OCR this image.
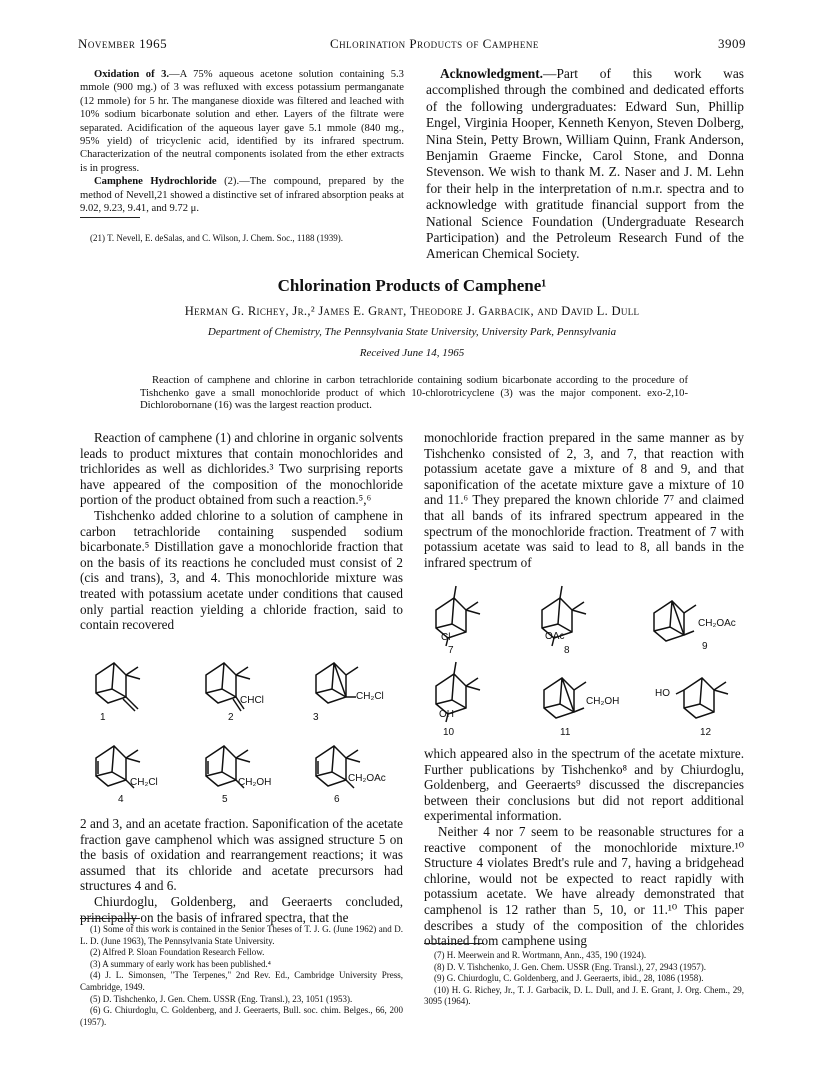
November 1965	Chlorination Products of Camphene	3909

Oxidation of 3.—A 75% aqueous acetone solution containing 5.3 mmole (900 mg.) of 3 was refluxed with excess potassium permanganate (12 mmole) for 5 hr. The manganese dioxide was filtered and leached with 10% sodium bicarbonate solution and ether. Layers of the filtrate were separated. Acidification of the aqueous layer gave 5.1 mmole (840 mg., 95% yield) of tricyclenic acid, identified by its infrared spectrum. Characterization of the neutral components isolated from the ether extracts is in progress.

Camphene Hydrochloride (2).—The compound, prepared by the method of Nevell,21 showed a distinctive set of infrared absorption peaks at 9.02, 9.23, 9.41, and 9.72 μ.

(21) T. Nevell, E. deSalas, and C. Wilson, J. Chem. Soc., 1188 (1939).

Acknowledgment.—Part of this work was accomplished through the combined and dedicated efforts of the following undergraduates: Edward Sun, Phillip Engel, Virginia Hooper, Kenneth Kenyon, Steven Dolberg, Nina Stein, Petty Brown, William Quinn, Frank Anderson, Benjamin Graeme Fincke, Carol Stone, and Donna Stevenson. We wish to thank M. Z. Naser and J. M. Lehn for their help in the interpretation of n.m.r. spectra and to acknowledge with gratitude financial support from the National Science Foundation (Undergraduate Research Participation) and the Petroleum Research Fund of the American Chemical Society.

Chlorination Products of Camphene¹
Herman G. Richey, Jr.,² James E. Grant, Theodore J. Garbacik, and David L. Dull
Department of Chemistry, The Pennsylvania State University, University Park, Pennsylvania
Received June 14, 1965
Reaction of camphene and chlorine in carbon tetrachloride containing sodium bicarbonate according to the procedure of Tishchenko gave a small monochloride product of which 10-chlorotricyclene (3) was the major component. exo-2,10-Dichlorobornane (16) was the largest reaction product.

Reaction of camphene (1) and chlorine in organic solvents leads to product mixtures that contain monochlorides and trichlorides as well as dichlorides.³ Two surprising reports have appeared of the composition of the monochloride portion of the product obtained from such a reaction.⁵,⁶

Tishchenko added chlorine to a solution of camphene in carbon tetrachloride containing suspended sodium bicarbonate.⁵ Distillation gave a monochloride fraction that on the basis of its reactions he concluded must consist of 2 (cis and trans), 3, and 4. This monochloride mixture was treated with potassium acetate under conditions that caused only partial reaction yielding a chloride fraction, said to contain recovered

2 and 3, and an acetate fraction. Saponification of the acetate fraction gave camphenol which was assigned structure 5 on the basis of oxidation and rearrangement reactions; it was assumed that its chloride and acetate precursors had structures 4 and 6.

Chiurdoglu, Goldenberg, and Geeraerts concluded, principally on the basis of infrared spectra, that the

(1) Some of this work is contained in the Senior Theses of T. J. G. (June 1962) and D. L. D. (June 1963), The Pennsylvania State University.

(2) Alfred P. Sloan Foundation Research Fellow.

(3) A summary of early work has been published.⁴

(4) J. L. Simonsen, "The Terpenes," 2nd Rev. Ed., Cambridge University Press, Cambridge, 1949.

(5) D. Tishchenko, J. Gen. Chem. USSR (Eng. Transl.), 23, 1051 (1953).

(6) G. Chiurdoglu, C. Goldenberg, and J. Geeraerts, Bull. soc. chim. Belges., 66, 200 (1957).

monochloride fraction prepared in the same manner as by Tishchenko consisted of 2, 3, and 7, that reaction with potassium acetate gave a mixture of 8 and 9, and that saponification of the acetate mixture gave a mixture of 10 and 11.⁶ They prepared the known chloride 7⁷ and claimed that all bands of its infrared spectrum appeared in the spectrum of the monochloride fraction. Treatment of 7 with potassium acetate was said to lead to 8, all bands in the infrared spectrum of

which appeared also in the spectrum of the acetate mixture. Further publications by Tishchenko⁸ and by Chiurdoglu, Goldenberg, and Geeraerts⁹ discussed the discrepancies between their conclusions but did not report additional experimental information.

Neither 4 nor 7 seem to be reasonable structures for a reactive component of the monochloride mixture.¹⁰ Structure 4 violates Bredt's rule and 7, having a bridgehead chlorine, would not be expected to react rapidly with potassium acetate. We have already demonstrated that camphenol is 12 rather than 5, 10, or 11.¹⁰ This paper describes a study of the composition of the chlorides obtained from camphene using

(7) H. Meerwein and R. Wortmann, Ann., 435, 190 (1924).

(8) D. V. Tishchenko, J. Gen. Chem. USSR (Eng. Transl.), 27, 2943 (1957).

(9) G. Chiurdoglu, C. Goldenberg, and J. Geeraerts, ibid., 28, 1086 (1958).

(10) H. G. Richey, Jr., T. J. Garbacik, D. L. Dull, and J. E. Grant, J. Org. Chem., 29, 3095 (1964).

1
CHCl
2
CH₂Cl
3
CH₂Cl
4
CH₂OH
5
CH₂OAc
6
Cl
7
OAc
8
CH₂OAc
9
OH
10
CH₂OH
11
HO
12
